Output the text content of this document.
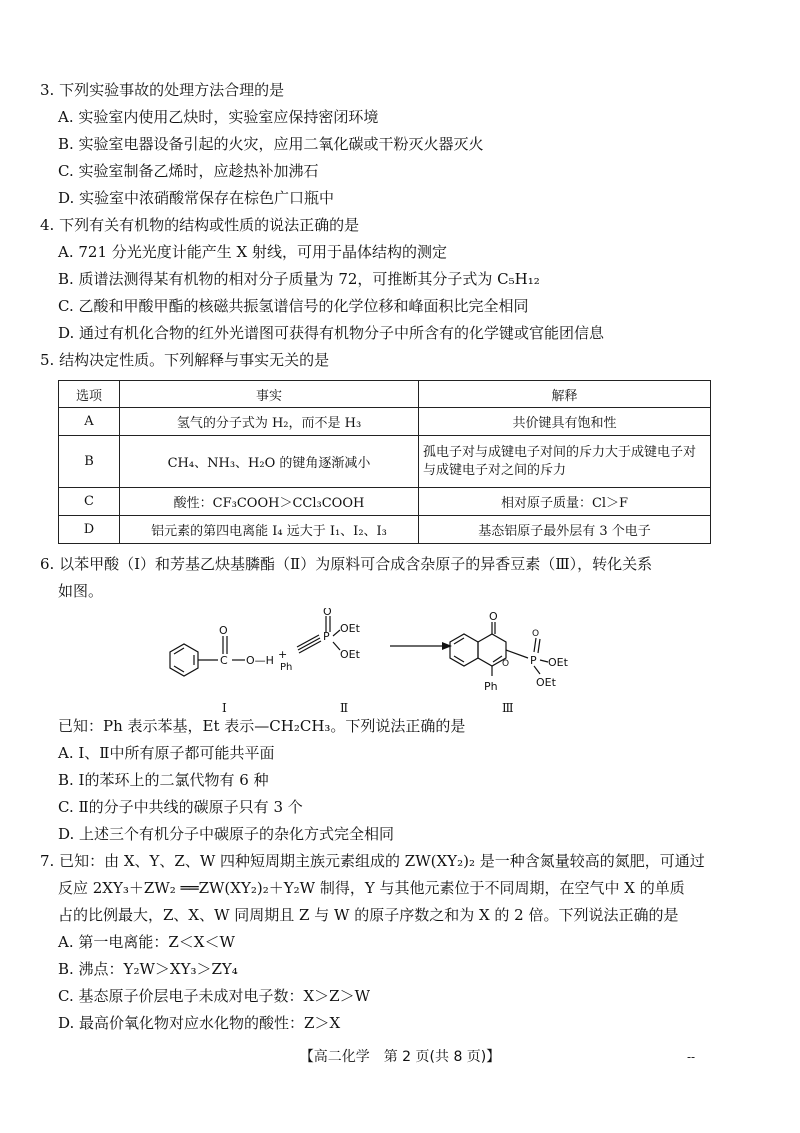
3. 下列实验事故的处理方法合理的是
A. 实验室内使用乙炔时，实验室应保持密闭环境
B. 实验室电器设备引起的火灾，应用二氧化碳或干粉灭火器灭火
C. 实验室制备乙烯时，应趁热补加沸石
D. 实验室中浓硝酸常保存在棕色广口瓶中
4. 下列有关有机物的结构或性质的说法正确的是
A. 721 分光光度计能产生 X 射线，可用于晶体结构的测定
B. 质谱法测得某有机物的相对分子质量为 72，可推断其分子式为 C₅H₁₂
C. 乙酸和甲酸甲酯的核磁共振氢谱信号的化学位移和峰面积比完全相同
D. 通过有机化合物的红外光谱图可获得有机物分子中所含有的化学键或官能团信息
5. 结构决定性质。下列解释与事实无关的是
选项	事实	解释
A	氢气的分子式为 H₂，而不是 H₃	共价键具有饱和性
B	CH₄、NH₃、H₂O 的键角逐渐减小	孤电子对与成键电子对间的斥力大于成键电子对与成键电子对之间的斥力
C	酸性：CF₃COOH＞CCl₃COOH	相对原子质量：Cl＞F
D	铝元素的第四电离能 I₄ 远大于 I₁、I₂、I₃	基态铝原子最外层有 3 个电子
6. 以苯甲酸（Ⅰ）和芳基乙炔基膦酯（Ⅱ）为原料可合成含杂原子的异香豆素（Ⅲ），转化关系
如图。
O
C O—H +
Ph
O
P
OEt
OEt
O
O P
O
OEt
OEt
Ph
Ⅰ	Ⅱ	Ⅲ
已知：Ph 表示苯基，Et 表示—CH₂CH₃。下列说法正确的是
A. Ⅰ、Ⅱ中所有原子都可能共平面
B. Ⅰ的苯环上的二氯代物有 6 种
C. Ⅱ的分子中共线的碳原子只有 3 个
D. 上述三个有机分子中碳原子的杂化方式完全相同
7. 已知：由 X、Y、Z、W 四种短周期主族元素组成的 ZW(XY₂)₂ 是一种含氮量较高的氮肥，可通过
反应 2XY₃＋ZW₂ ══ZW(XY₂)₂＋Y₂W 制得，Y 与其他元素位于不同周期，在空气中 X 的单质
占的比例最大，Z、X、W 同周期且 Z 与 W 的原子序数之和为 X 的 2 倍。下列说法正确的是
A. 第一电离能：Z＜X＜W
B. 沸点：Y₂W＞XY₃＞ZY₄
C. 基态原子价层电子未成对电子数：X＞Z＞W
D. 最高价氧化物对应水化物的酸性：Z＞X
【高二化学　第 2 页(共 8 页)】	--
